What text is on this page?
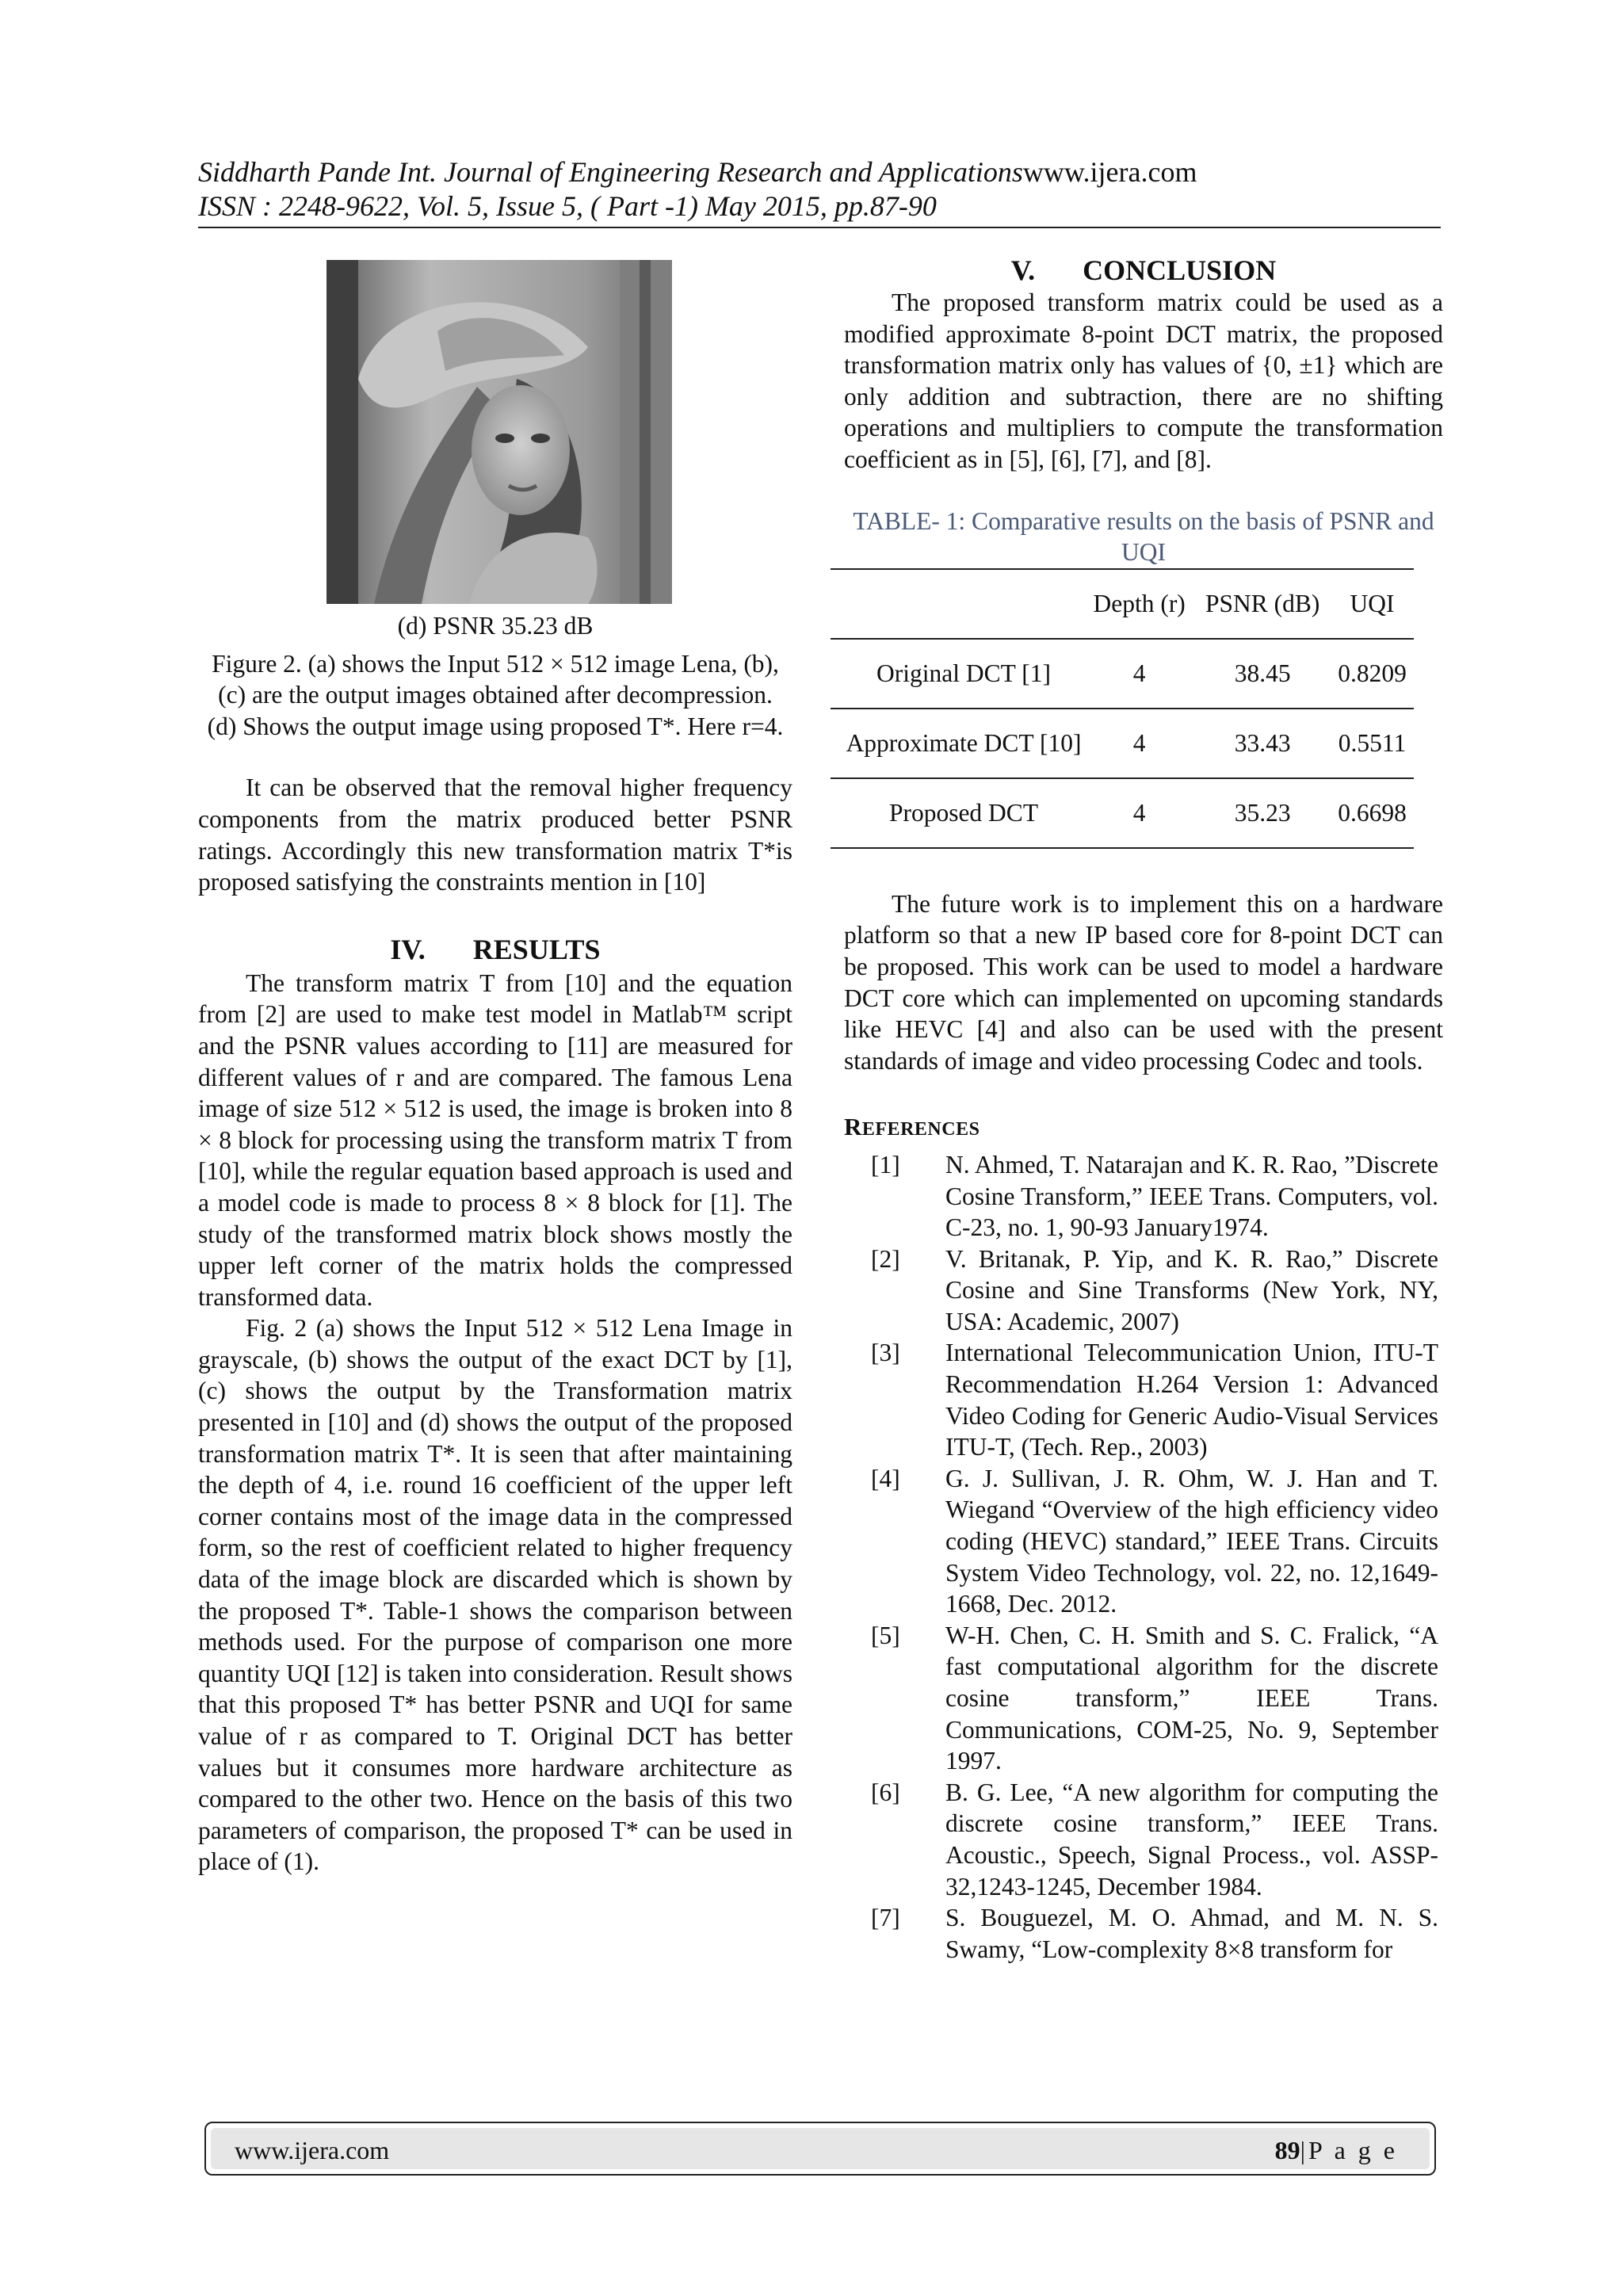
Siddharth Pande Int. Journal of Engineering Research and Applicationswww.ijera.com
ISSN : 2248-9622, Vol. 5, Issue 5, ( Part -1) May 2015, pp.87-90
(d) PSNR 35.23 dB
Figure 2. (a) shows the Input 512 × 512 image Lena, (b), (c) are the output images obtained after decompression. (d) Shows the output image using proposed T*. Here r=4.

It can be observed that the removal higher frequency components from the matrix produced better PSNR ratings. Accordingly this new transformation matrix T*is proposed satisfying the constraints mention in [10]

IV. RESULTS

The transform matrix T from [10] and the equation from [2] are used to make test model in Matlab™ script and the PSNR values according to [11] are measured for different values of r and are compared. The famous Lena image of size 512 × 512 is used, the image is broken into 8 × 8 block for processing using the transform matrix T from [10], while the regular equation based approach is used and a model code is made to process 8 × 8 block for [1]. The study of the transformed matrix block shows mostly the upper left corner of the matrix holds the compressed transformed data.

Fig. 2 (a) shows the Input 512 × 512 Lena Image in grayscale, (b) shows the output of the exact DCT by [1], (c) shows the output by the Transformation matrix presented in [10] and (d) shows the output of the proposed transformation matrix T*. It is seen that after maintaining the depth of 4, i.e. round 16 coefficient of the upper left corner contains most of the image data in the compressed form, so the rest of coefficient related to higher frequency data of the image block are discarded which is shown by the proposed T*. Table-1 shows the comparison between methods used. For the purpose of comparison one more quantity UQI [12] is taken into consideration. Result shows that this proposed T* has better PSNR and UQI for same value of r as compared to T. Original DCT has better values but it consumes more hardware architecture as compared to the other two. Hence on the basis of this two parameters of comparison, the proposed T* can be used in place of (1).

V. CONCLUSION

The proposed transform matrix could be used as a modified approximate 8-point DCT matrix, the proposed transformation matrix only has values of {0, ±1} which are only addition and subtraction, there are no shifting operations and multipliers to compute the transformation coefficient as in [5], [6], [7], and [8].

TABLE- 1: Comparative results on the basis of PSNR and UQI
	Depth (r)	PSNR (dB)	UQI
Original DCT [1]	4	38.45	0.8209
Approximate DCT [10]	4	33.43	0.5511
Proposed DCT	4	35.23	0.6698

The future work is to implement this on a hardware platform so that a new IP based core for 8-point DCT can be proposed. This work can be used to model a hardware DCT core which can implemented on upcoming standards like HEVC [4] and also can be used with the present standards of image and video processing Codec and tools.

REFERENCES
[1]	N. Ahmed, T. Natarajan and K. R. Rao, ”Discrete Cosine Transform,” IEEE Trans. Computers, vol. C-23, no. 1, 90-93 January1974.
[2]	V. Britanak, P. Yip, and K. R. Rao,” Discrete Cosine and Sine Transforms (New York, NY, USA: Academic, 2007)
[3]	International Telecommunication Union, ITU-T Recommendation H.264 Version 1: Advanced Video Coding for Generic Audio-Visual Services ITU-T, (Tech. Rep., 2003)
[4]	G. J. Sullivan, J. R. Ohm, W. J. Han and T. Wiegand “Overview of the high efficiency video coding (HEVC) standard,” IEEE Trans. Circuits System Video Technology, vol. 22, no. 12,1649-1668, Dec. 2012.
[5]	W-H. Chen, C. H. Smith and S. C. Fralick, “A fast computational algorithm for the discrete cosine transform,” IEEE Trans. Communications, COM-25, No. 9, September 1997.
[6]	B. G. Lee, “A new algorithm for computing the discrete cosine transform,” IEEE Trans. Acoustic., Speech, Signal Process., vol. ASSP-32,1243-1245, December 1984.
[7]	S. Bouguezel, M. O. Ahmad, and M. N. S. Swamy, “Low-complexity 8×8 transform for
www.ijera.com	89|P a g e
